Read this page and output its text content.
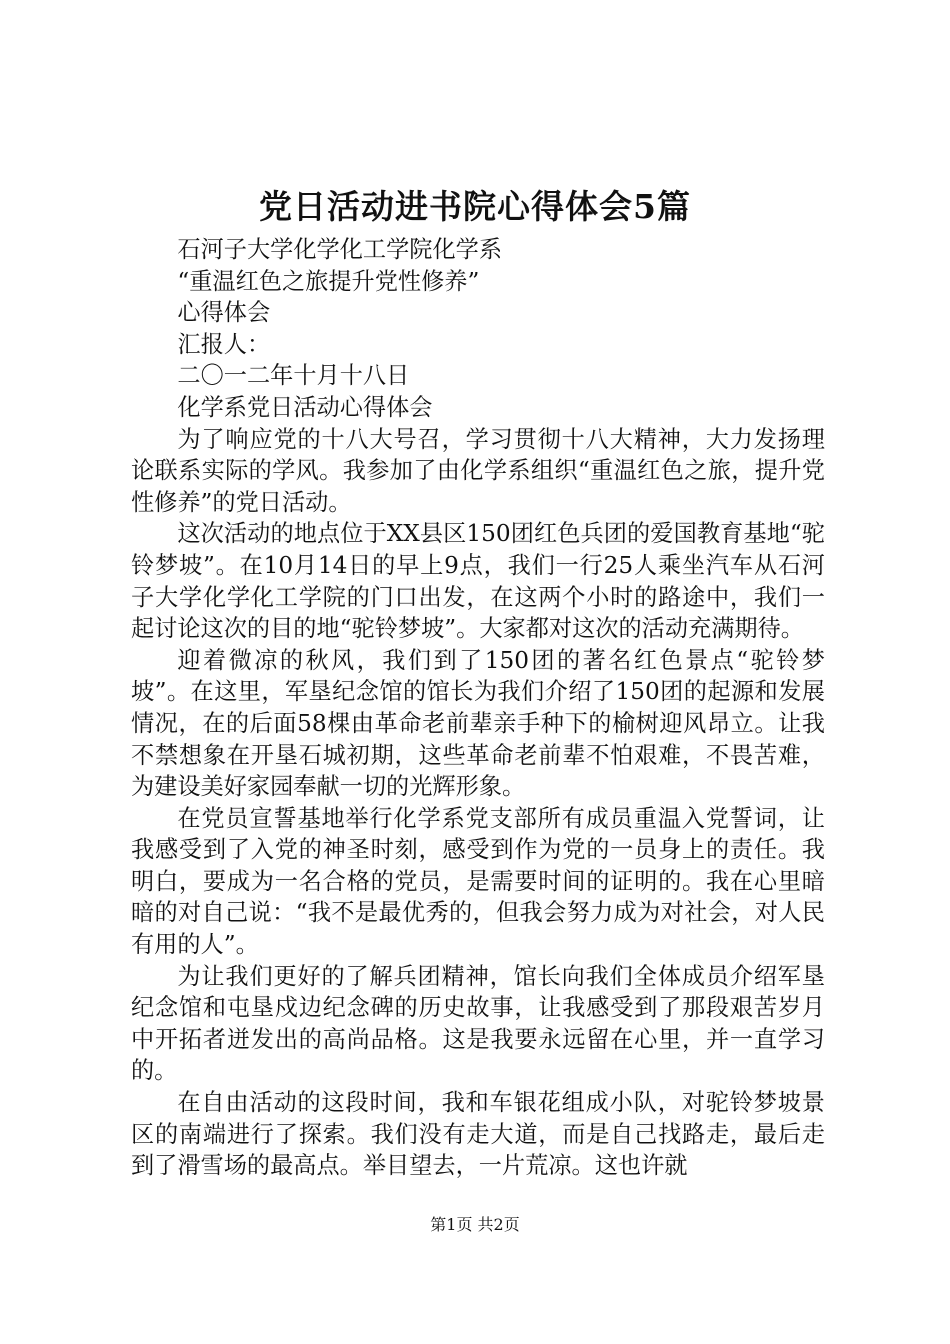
党日活动进书院心得体会5篇

石河子大学化学化工学院化学系

“重温红色之旅提升党性修养”

心得体会

汇报人：

二〇一二年十月十八日

化学系党日活动心得体会

为了响应党的十八大号召，学习贯彻十八大精神，大力发扬理论联系实际的学风。我参加了由化学系组织“重温红色之旅，提升党性修养”的党日活动。

这次活动的地点位于XX县区150团红色兵团的爱国教育基地“驼铃梦坡”。在10月14日的早上9点，我们一行25人乘坐汽车从石河子大学化学化工学院的门口出发，在这两个小时的路途中，我们一起讨论这次的目的地“驼铃梦坡”。大家都对这次的活动充满期待。

迎着微凉的秋风，我们到了150团的著名红色景点“驼铃梦坡”。在这里，军垦纪念馆的馆长为我们介绍了150团的起源和发展情况，在的后面58棵由革命老前辈亲手种下的榆树迎风昂立。让我不禁想象在开垦石城初期，这些革命老前辈不怕艰难，不畏苦难，为建设美好家园奉献一切的光辉形象。

在党员宣誓基地举行化学系党支部所有成员重温入党誓词，让我感受到了入党的神圣时刻，感受到作为党的一员身上的责任。我明白，要成为一名合格的党员，是需要时间的证明的。我在心里暗暗的对自己说：“我不是最优秀的，但我会努力成为对社会，对人民有用的人”。

为让我们更好的了解兵团精神，馆长向我们全体成员介绍军垦纪念馆和屯垦戍边纪念碑的历史故事，让我感受到了那段艰苦岁月中开拓者迸发出的高尚品格。这是我要永远留在心里，并一直学习的。

在自由活动的这段时间，我和车银花组成小队，对驼铃梦坡景区的南端进行了探索。我们没有走大道，而是自己找路走，最后走到了滑雪场的最高点。举目望去，一片荒凉。这也许就

第1页 共2页
